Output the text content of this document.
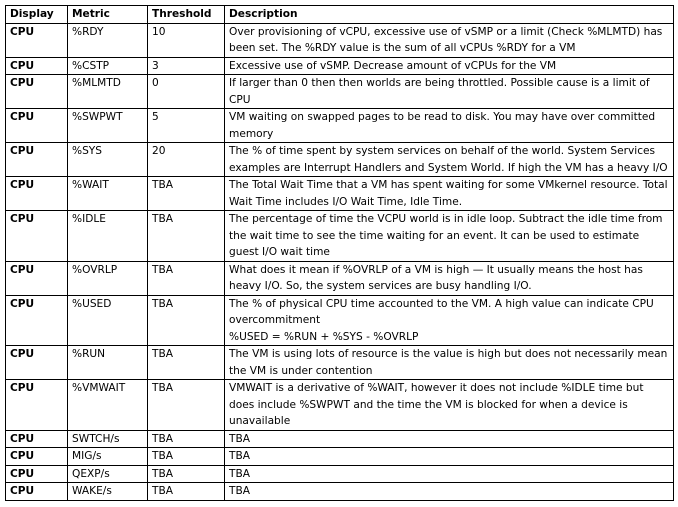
Display	Metric	Threshold	Description
CPU	%RDY	10	Over provisioning of vCPU, excessive use of vSMP or a limit (Check %MLMTD) has been set. The %RDY value is the sum of all vCPUs %RDY for a VM
CPU	%CSTP	3	Excessive use of vSMP. Decrease amount of vCPUs for the VM
CPU	%MLMTD	0	If larger than 0 then then worlds are being throttled. Possible cause is a limit of CPU
CPU	%SWPWT	5	VM waiting on swapped pages to be read to disk. You may have over committed memory
CPU	%SYS	20	The % of time spent by system services on behalf of the world. System Services examples are Interrupt Handlers and System World. If high the VM has a heavy I/O
CPU	%WAIT	TBA	The Total Wait Time that a VM has spent waiting for some VMkernel resource. Total Wait Time includes I/O Wait Time, Idle Time.
CPU	%IDLE	TBA	The percentage of time the VCPU world is in idle loop. Subtract the idle time from the wait time to see the time waiting for an event. It can be used to estimate guest I/O wait time
CPU	%OVRLP	TBA	What does it mean if %OVRLP of a VM is high — It usually means the host has heavy I/O. So, the system services are busy handling I/O.
CPU	%USED	TBA	The % of physical CPU time accounted to the VM. A high value can indicate CPU overcommitment
%USED = %RUN + %SYS - %OVRLP
CPU	%RUN	TBA	The VM is using lots of resource is the value is high but does not necessarily mean the VM is under contention
CPU	%VMWAIT	TBA	VMWAIT is a derivative of %WAIT, however it does not include %IDLE time but does include %SWPWT and the time the VM is blocked for when a device is unavailable
CPU	SWTCH/s	TBA	TBA
CPU	MIG/s	TBA	TBA
CPU	QEXP/s	TBA	TBA
CPU	WAKE/s	TBA	TBA
